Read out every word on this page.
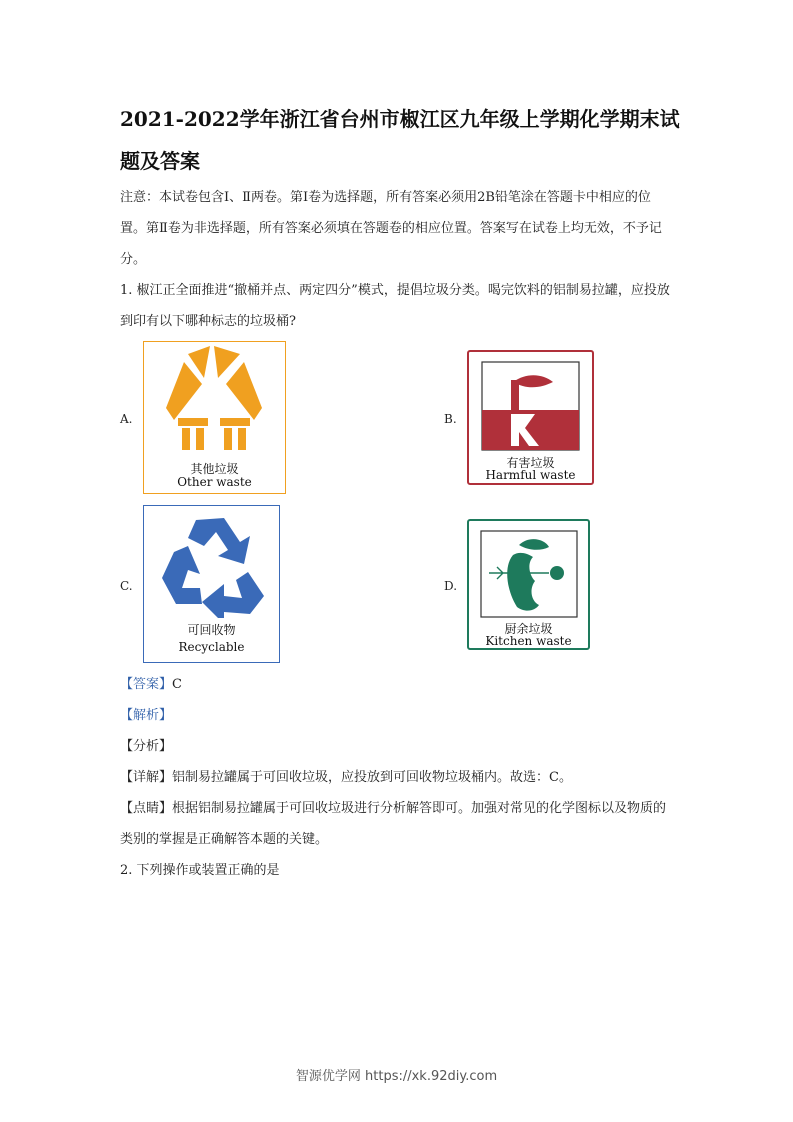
2021-2022学年浙江省台州市椒江区九年级上学期化学期末试题及答案
注意：本试卷包含Ⅰ、Ⅱ两卷。第Ⅰ卷为选择题，所有答案必须用2B铅笔涂在答题卡中相应的位置。第Ⅱ卷为非选择题，所有答案必须填在答题卷的相应位置。答案写在试卷上均无效，不予记分。
1. 椒江正全面推进“撤桶并点、两定四分”模式，提倡垃圾分类。喝完饮料的铝制易拉罐，应投放到印有以下哪种标志的垃圾桶?
A.
其他垃圾
Other waste
B.
有害垃圾
Harmful waste
C.
可回收物
Recyclable
D.
厨余垃圾
Kitchen waste
【答案】C
【解析】
【分析】
【详解】铝制易拉罐属于可回收垃圾，应投放到可回收物垃圾桶内。故选：C。
【点睛】根据铝制易拉罐属于可回收垃圾进行分析解答即可。加强对常见的化学图标以及物质的类别的掌握是正确解答本题的关键。
2. 下列操作或装置正确的是
智源优学网 https://xk.92diy.com
